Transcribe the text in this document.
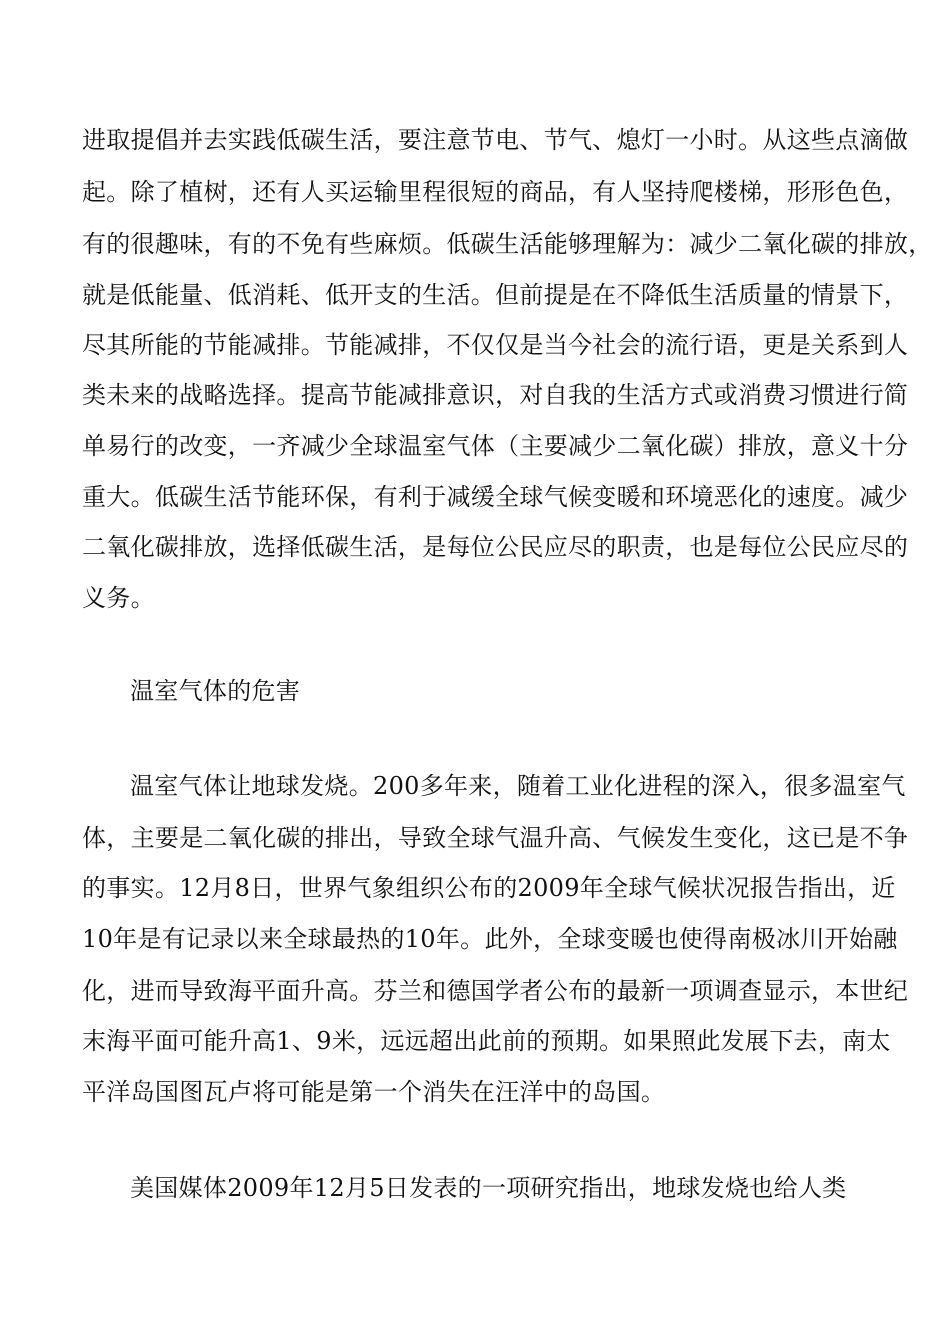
进取提倡并去实践低碳生活，要注意节电、节气、熄灯一小时。从这些点滴做
起。除了植树，还有人买运输里程很短的商品，有人坚持爬楼梯，形形色色，
有的很趣味，有的不免有些麻烦。低碳生活能够理解为：减少二氧化碳的排放，
就是低能量、低消耗、低开支的生活。但前提是在不降低生活质量的情景下，
尽其所能的节能减排。节能减排，不仅仅是当今社会的流行语，更是关系到人
类未来的战略选择。提高节能减排意识，对自我的生活方式或消费习惯进行简
单易行的改变，一齐减少全球温室气体（主要减少二氧化碳）排放，意义十分
重大。低碳生活节能环保，有利于减缓全球气候变暖和环境恶化的速度。减少
二氧化碳排放，选择低碳生活，是每位公民应尽的职责，也是每位公民应尽的
义务。
温室气体的危害
温室气体让地球发烧。200多年来，随着工业化进程的深入，很多温室气
体，主要是二氧化碳的排出，导致全球气温升高、气候发生变化，这已是不争
的事实。12月8日，世界气象组织公布的2009年全球气候状况报告指出，近
10年是有记录以来全球最热的10年。此外，全球变暖也使得南极冰川开始融
化，进而导致海平面升高。芬兰和德国学者公布的最新一项调查显示，本世纪
末海平面可能升高1、9米，远远超出此前的预期。如果照此发展下去，南太
平洋岛国图瓦卢将可能是第一个消失在汪洋中的岛国。
美国媒体2009年12月5日发表的一项研究指出，地球发烧也给人类
